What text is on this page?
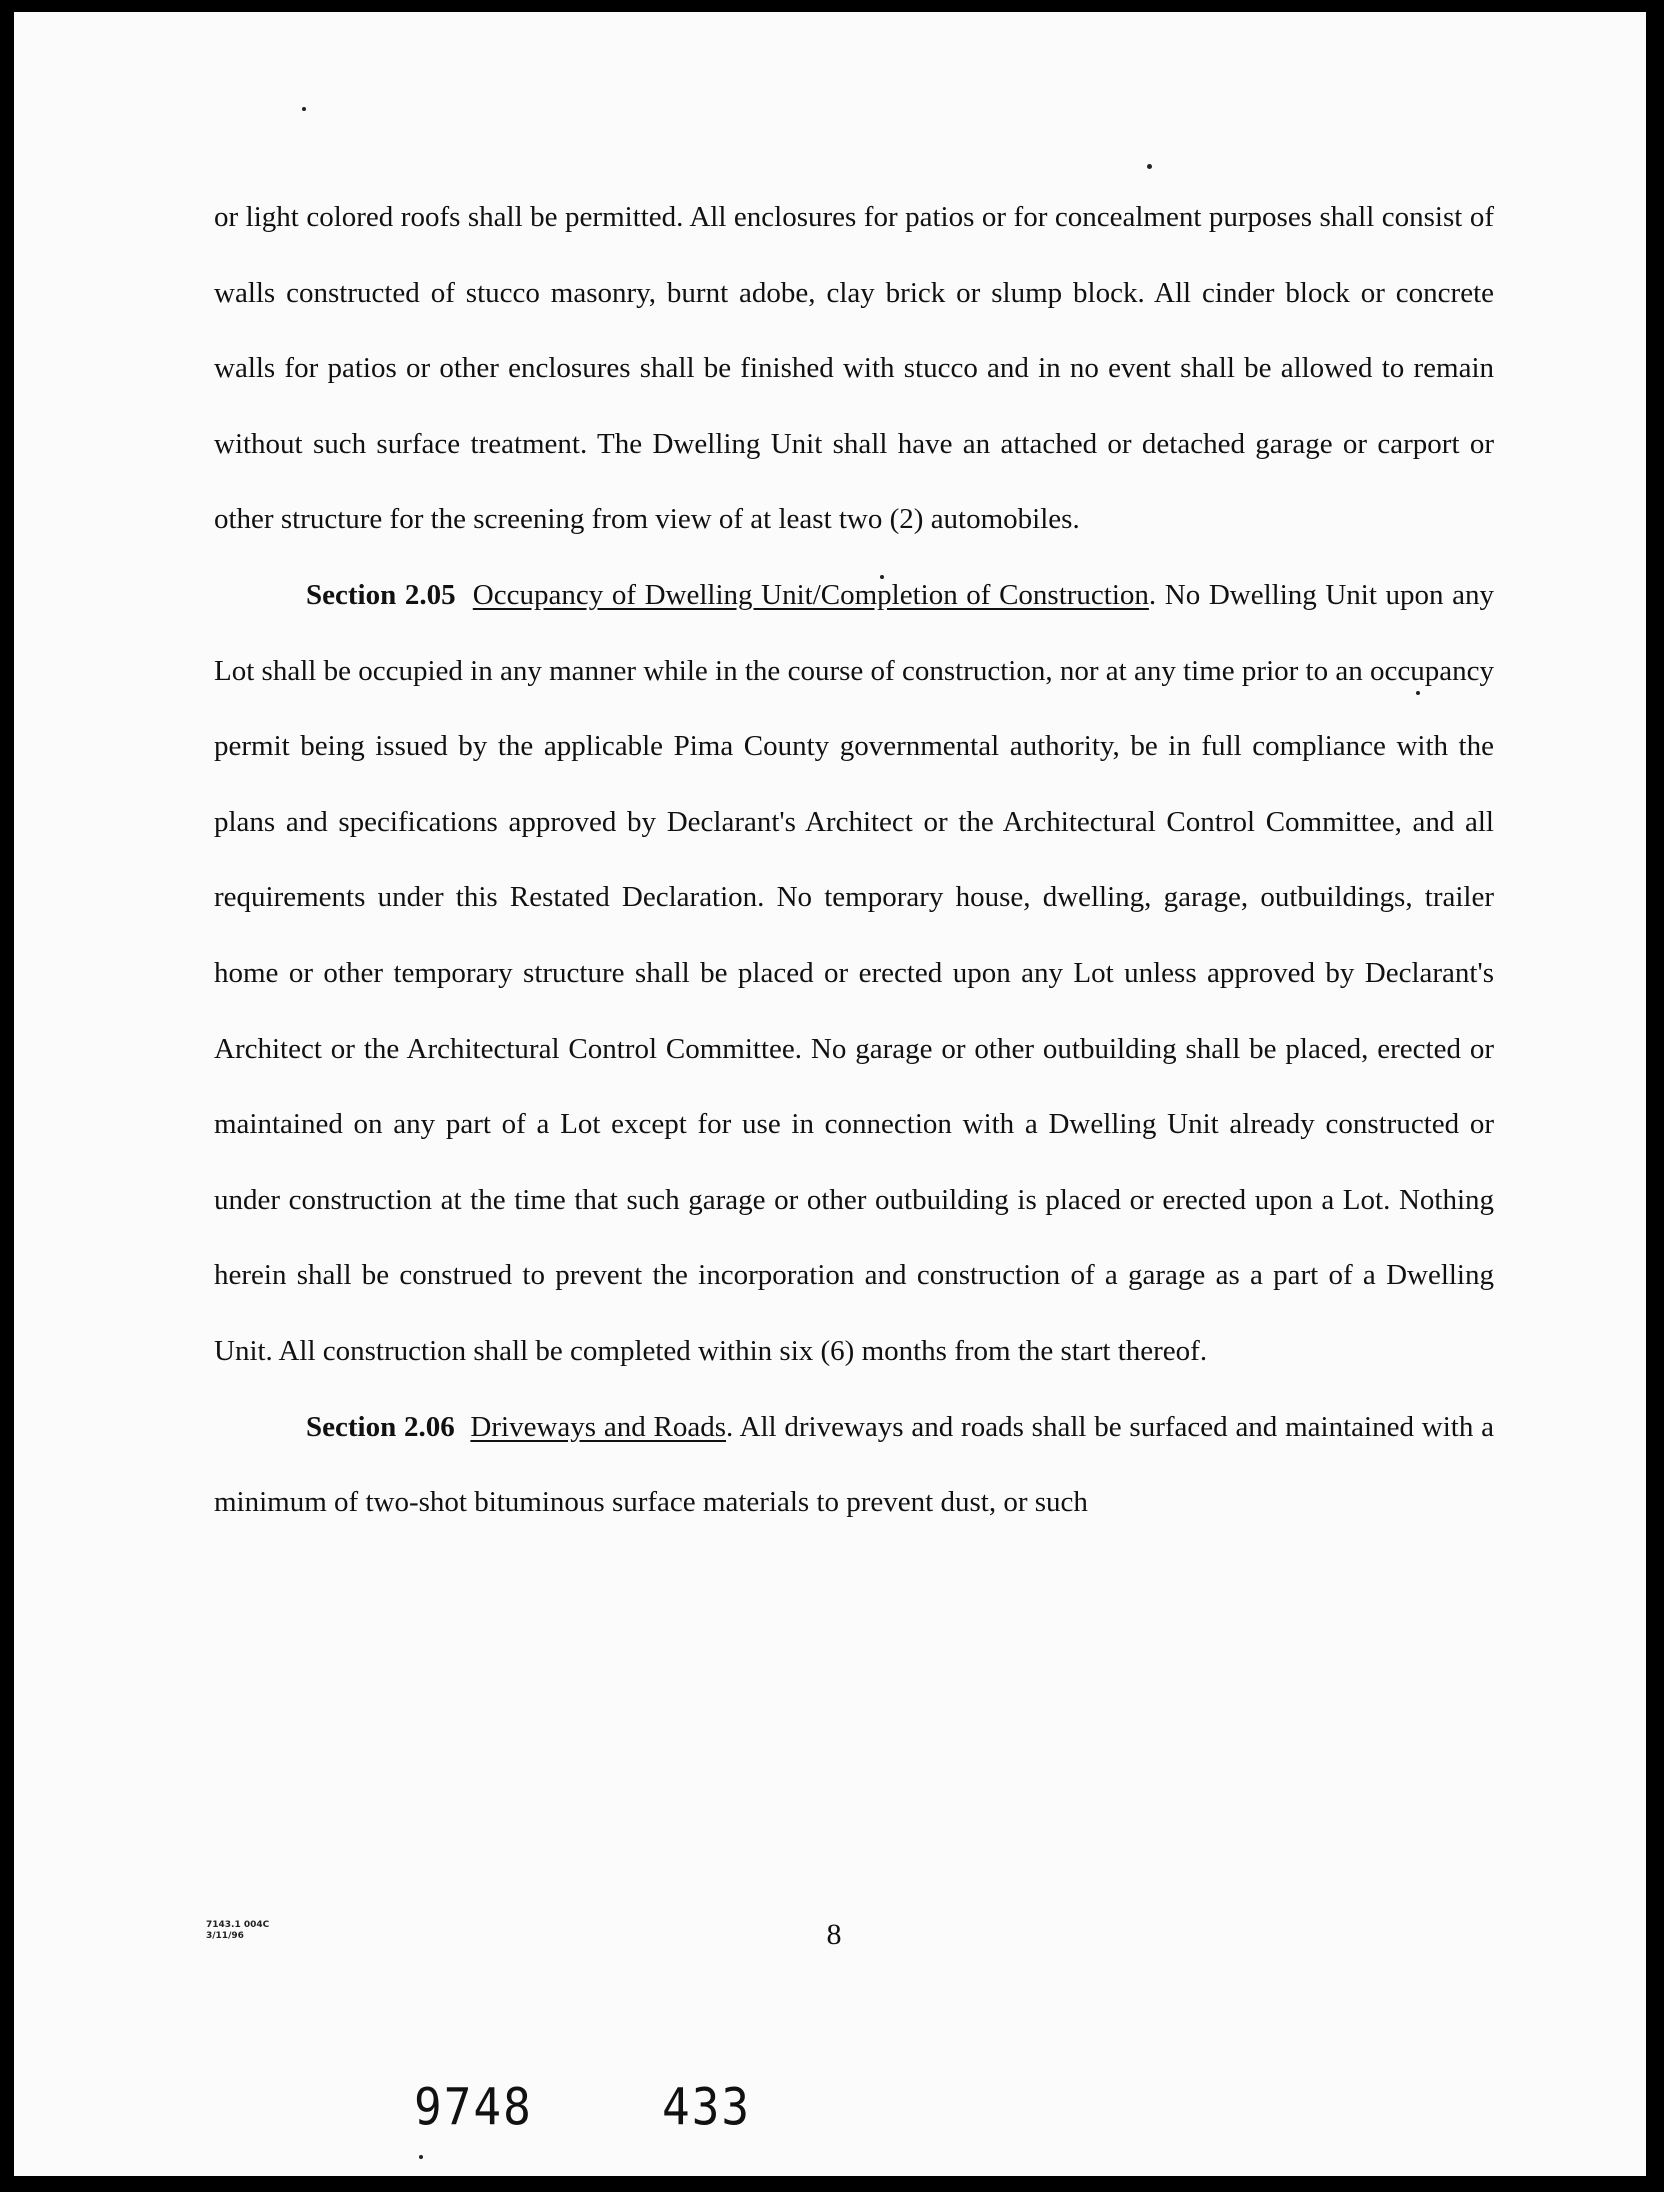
or light colored roofs shall be permitted. All enclosures for patios or for concealment purposes shall consist of walls constructed of stucco masonry, burnt adobe, clay brick or slump block. All cinder block or concrete walls for patios or other enclosures shall be finished with stucco and in no event shall be allowed to remain without such surface treatment. The Dwelling Unit shall have an attached or detached garage or carport or other structure for the screening from view of at least two (2) automobiles.

Section 2.05 Occupancy of Dwelling Unit/Completion of Construction. No Dwelling Unit upon any Lot shall be occupied in any manner while in the course of construction, nor at any time prior to an occupancy permit being issued by the applicable Pima County governmental authority, be in full compliance with the plans and specifications approved by Declarant's Architect or the Architectural Control Committee, and all requirements under this Restated Declaration. No temporary house, dwelling, garage, outbuildings, trailer home or other temporary structure shall be placed or erected upon any Lot unless approved by Declarant's Architect or the Architectural Control Committee. No garage or other outbuilding shall be placed, erected or maintained on any part of a Lot except for use in connection with a Dwelling Unit already constructed or under construction at the time that such garage or other outbuilding is placed or erected upon a Lot. Nothing herein shall be construed to prevent the incorporation and construction of a garage as a part of a Dwelling Unit. All construction shall be completed within six (6) months from the start thereof.

Section 2.06 Driveways and Roads. All driveways and roads shall be surfaced and maintained with a minimum of two-shot bituminous surface materials to prevent dust, or such

7143.1 004C
3/11/96	8
9748	433
